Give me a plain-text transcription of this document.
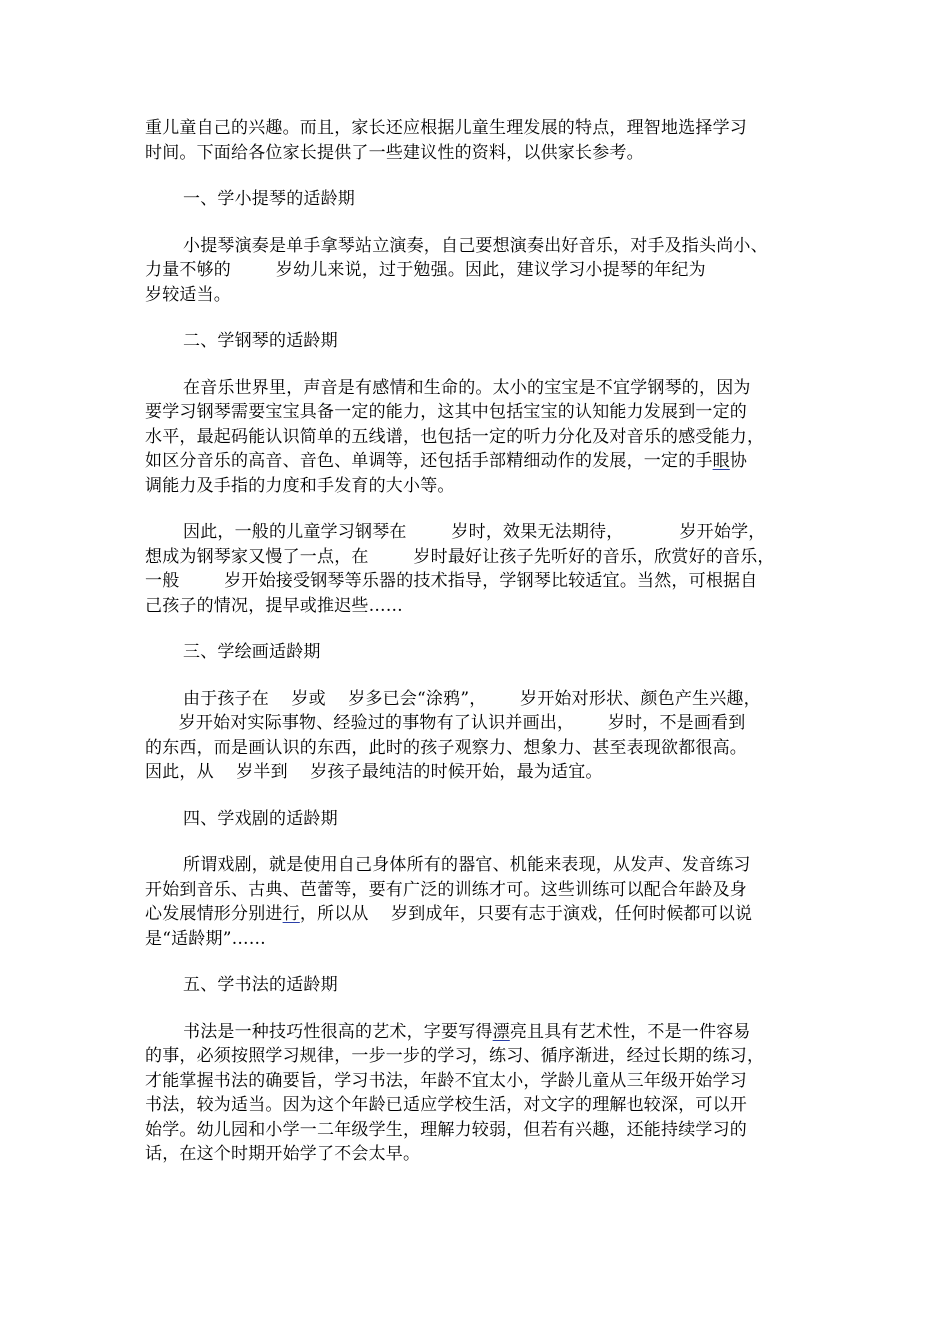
重儿童自己的兴趣。而且，家长还应根据儿童生理发展的特点，理智地选择学习
时间。下面给各位家长提供了一些建议性的资料，以供家长参考。
一、学小提琴的适龄期
小提琴演奏是单手拿琴站立演奏，自己要想演奏出好音乐，对手及指头尚小、
力量不够的        岁幼儿来说，过于勉强。因此，建议学习小提琴的年纪为
岁较适当。
二、学钢琴的适龄期
在音乐世界里，声音是有感情和生命的。太小的宝宝是不宜学钢琴的，因为
要学习钢琴需要宝宝具备一定的能力，这其中包括宝宝的认知能力发展到一定的
水平，最起码能认识简单的五线谱，也包括一定的听力分化及对音乐的感受能力，
如区分音乐的高音、音色、单调等，还包括手部精细动作的发展，一定的手眼协
调能力及手指的力度和手发育的大小等。
因此，一般的儿童学习钢琴在        岁时，效果无法期待，          岁开始学，
想成为钢琴家又慢了一点，在        岁时最好让孩子先听好的音乐，欣赏好的音乐，
一般        岁开始接受钢琴等乐器的技术指导，学钢琴比较适宜。当然，可根据自
己孩子的情况，提早或推迟些……
三、学绘画适龄期
由于孩子在    岁或    岁多已会“涂鸦”，      岁开始对形状、颜色产生兴趣，
岁开始对实际事物、经验过的事物有了认识并画出，      岁时，不是画看到
的东西，而是画认识的东西，此时的孩子观察力、想象力、甚至表现欲都很高。
因此，从    岁半到    岁孩子最纯洁的时候开始，最为适宜。
四、学戏剧的适龄期
所谓戏剧，就是使用自己身体所有的器官、机能来表现，从发声、发音练习
开始到音乐、古典、芭蕾等，要有广泛的训练才可。这些训练可以配合年龄及身
心发展情形分别进行，所以从    岁到成年，只要有志于演戏，任何时候都可以说
是“适龄期”……
五、学书法的适龄期
书法是一种技巧性很高的艺术，字要写得漂亮且具有艺术性，不是一件容易
的事，必须按照学习规律，一步一步的学习，练习、循序渐进，经过长期的练习，
才能掌握书法的确要旨，学习书法，年龄不宜太小，学龄儿童从三年级开始学习
书法，较为适当。因为这个年龄已适应学校生活，对文字的理解也较深，可以开
始学。幼儿园和小学一二年级学生，理解力较弱，但若有兴趣，还能持续学习的
话，在这个时期开始学了不会太早。
